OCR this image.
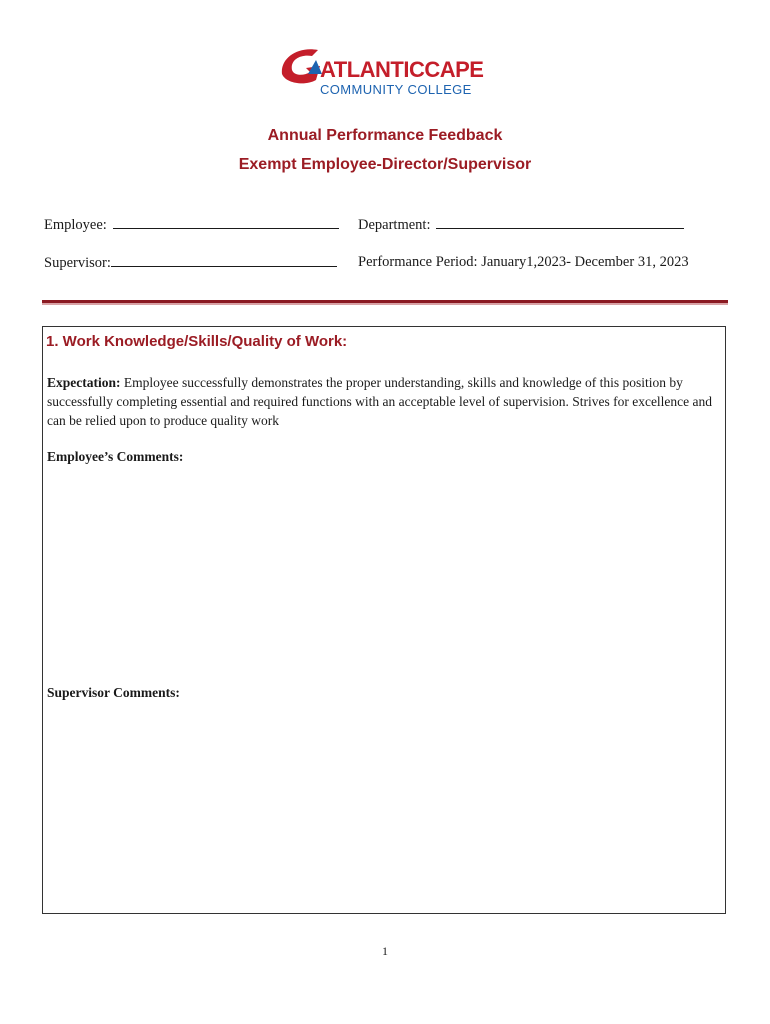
ATLANTICCAPE
COMMUNITY COLLEGE
Annual Performance Feedback
Exempt Employee-Director/Supervisor
Employee:	Department:
Supervisor:	Performance Period: January1,2023- December 31, 2023
1. Work Knowledge/Skills/Quality of Work:
Expectation: Employee successfully demonstrates the proper understanding, skills and knowledge of this position by successfully completing essential and required functions with an acceptable level of supervision. Strives for excellence and can be relied upon to produce quality work
Employee’s Comments:
Supervisor Comments:
1
